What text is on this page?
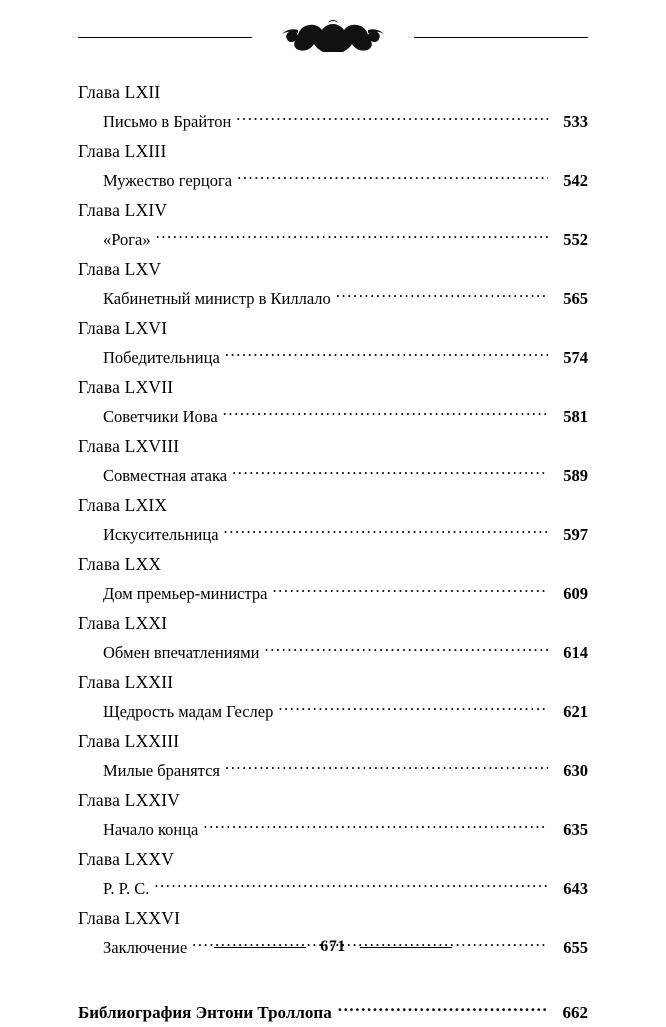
Глава LXII
Письмо в Брайтон .....	533
Глава LXIII
Мужество герцога .....	542
Глава LXIV
«Рога» .....	552
Глава LXV
Кабинетный министр в Киллало .....	565
Глава LXVI
Победительница .....	574
Глава LXVII
Советчики Иова .....	581
Глава LXVIII
Совместная атака .....	589
Глава LXIX
Искусительница .....	597
Глава LXX
Дом премьер-министра .....	609
Глава LXXI
Обмен впечатлениями .....	614
Глава LXXII
Щедрость мадам Геслер .....	621
Глава LXXIII
Милые бранятся .....	630
Глава LXXIV
Начало конца .....	635
Глава LXXV
P. P. C. .....	643
Глава LXXVI
Заключение .....	655
Библиография Энтони Троллопа .....	662
671
